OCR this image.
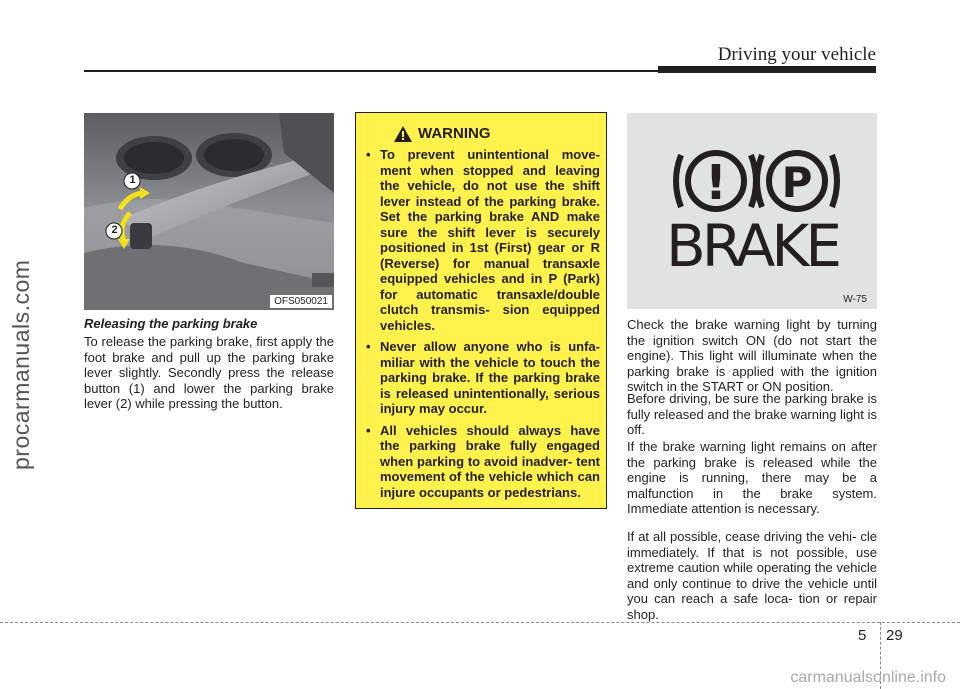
Driving your vehicle
procarmanuals.com
1
2
OFS050021
Releasing the parking brake
To release the parking brake, first apply the foot brake and pull up the parking brake lever slightly. Secondly press the release button (1) and lower the parking brake lever (2) while pressing the button.
WARNING
• To prevent unintentional move- ment when stopped and leaving the vehicle, do not use the shift lever instead of the parking brake. Set the parking brake AND make sure the shift lever is securely positioned in 1st (First) gear or R (Reverse) for manual transaxle equipped vehicles and in P (Park) for automatic transaxle/double clutch transmis- sion equipped vehicles.
• Never allow anyone who is unfa- miliar with the vehicle to touch the parking brake. If the parking brake is released unintentionally, serious injury may occur.
• All vehicles should always have the parking brake fully engaged when parking to avoid inadver- tent movement of the vehicle which can injure occupants or pedestrians.
! P
BRAKE
W-75
Check the brake warning light by turning the ignition switch ON (do not start the engine). This light will illuminate when the parking brake is applied with the ignition switch in the START or ON position.
Before driving, be sure the parking brake is fully released and the brake warning light is off.
If the brake warning light remains on after the parking brake is released while the engine is running, there may be a malfunction in the brake system. Immediate attention is necessary.
If at all possible, cease driving the vehi- cle immediately. If that is not possible, use extreme caution while operating the vehicle and only continue to drive the vehicle until you can reach a safe loca- tion or repair shop.
5 29
carmanualsonline.info
